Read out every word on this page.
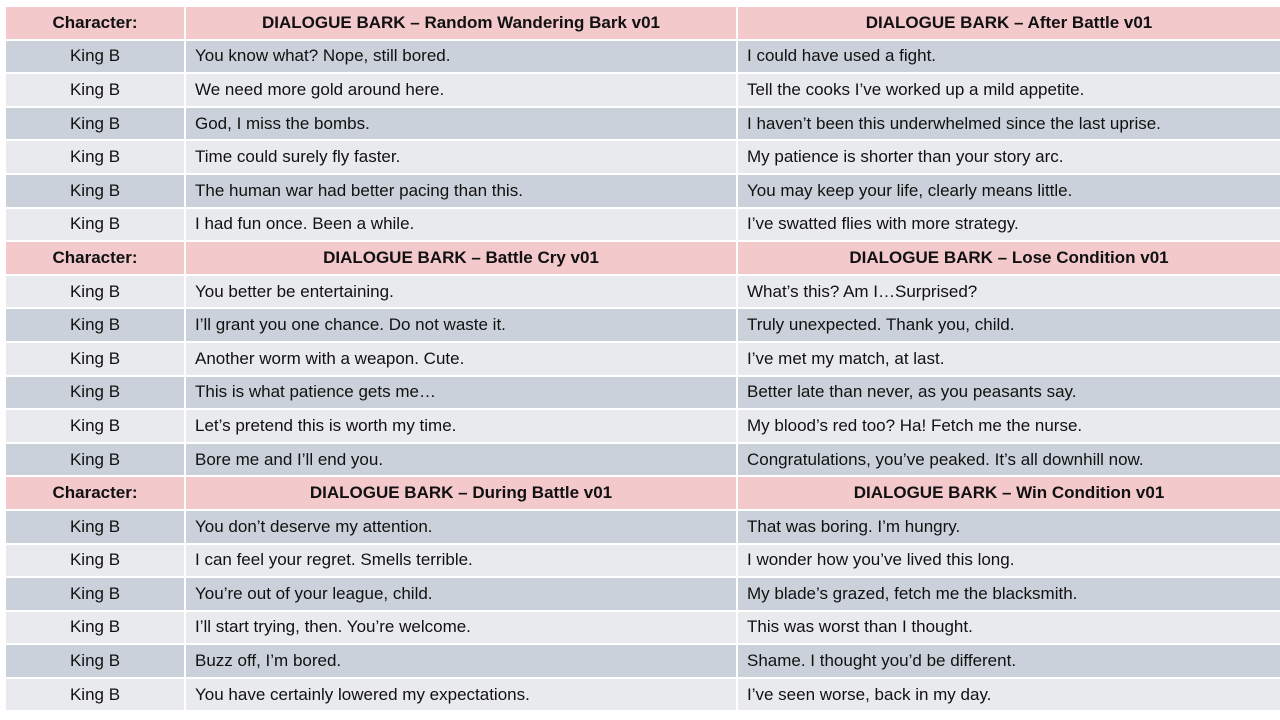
Character:	DIALOGUE BARK – Random Wandering Bark v01	DIALOGUE BARK – After Battle v01
King B	You know what? Nope, still bored.	I could have used a fight.
King B	We need more gold around here.	Tell the cooks I’ve worked up a mild appetite.
King B	God, I miss the bombs.	I haven’t been this underwhelmed since the last uprise.
King B	Time could surely fly faster.	My patience is shorter than your story arc.
King B	The human war had better pacing than this.	You may keep your life, clearly means little.
King B	I had fun once. Been a while.	I’ve swatted flies with more strategy.
Character:	DIALOGUE BARK – Battle Cry v01	DIALOGUE BARK – Lose Condition v01
King B	You better be entertaining.	What’s this? Am I…Surprised?
King B	I’ll grant you one chance. Do not waste it.	Truly unexpected. Thank you, child.
King B	Another worm with a weapon. Cute.	I’ve met my match, at last.
King B	This is what patience gets me…	Better late than never, as you peasants say.
King B	Let’s pretend this is worth my time.	My blood’s red too? Ha! Fetch me the nurse.
King B	Bore me and I’ll end you.	Congratulations, you’ve peaked. It’s all downhill now.
Character:	DIALOGUE BARK – During Battle v01	DIALOGUE BARK – Win Condition v01
King B	You don’t deserve my attention.	That was boring. I’m hungry.
King B	I can feel your regret. Smells terrible.	I wonder how you’ve lived this long.
King B	You’re out of your league, child.	My blade’s grazed, fetch me the blacksmith.
King B	I’ll start trying, then. You’re welcome.	This was worst than I thought.
King B	Buzz off, I’m bored.	Shame. I thought you’d be different.
King B	You have certainly lowered my expectations.	I’ve seen worse, back in my day.
